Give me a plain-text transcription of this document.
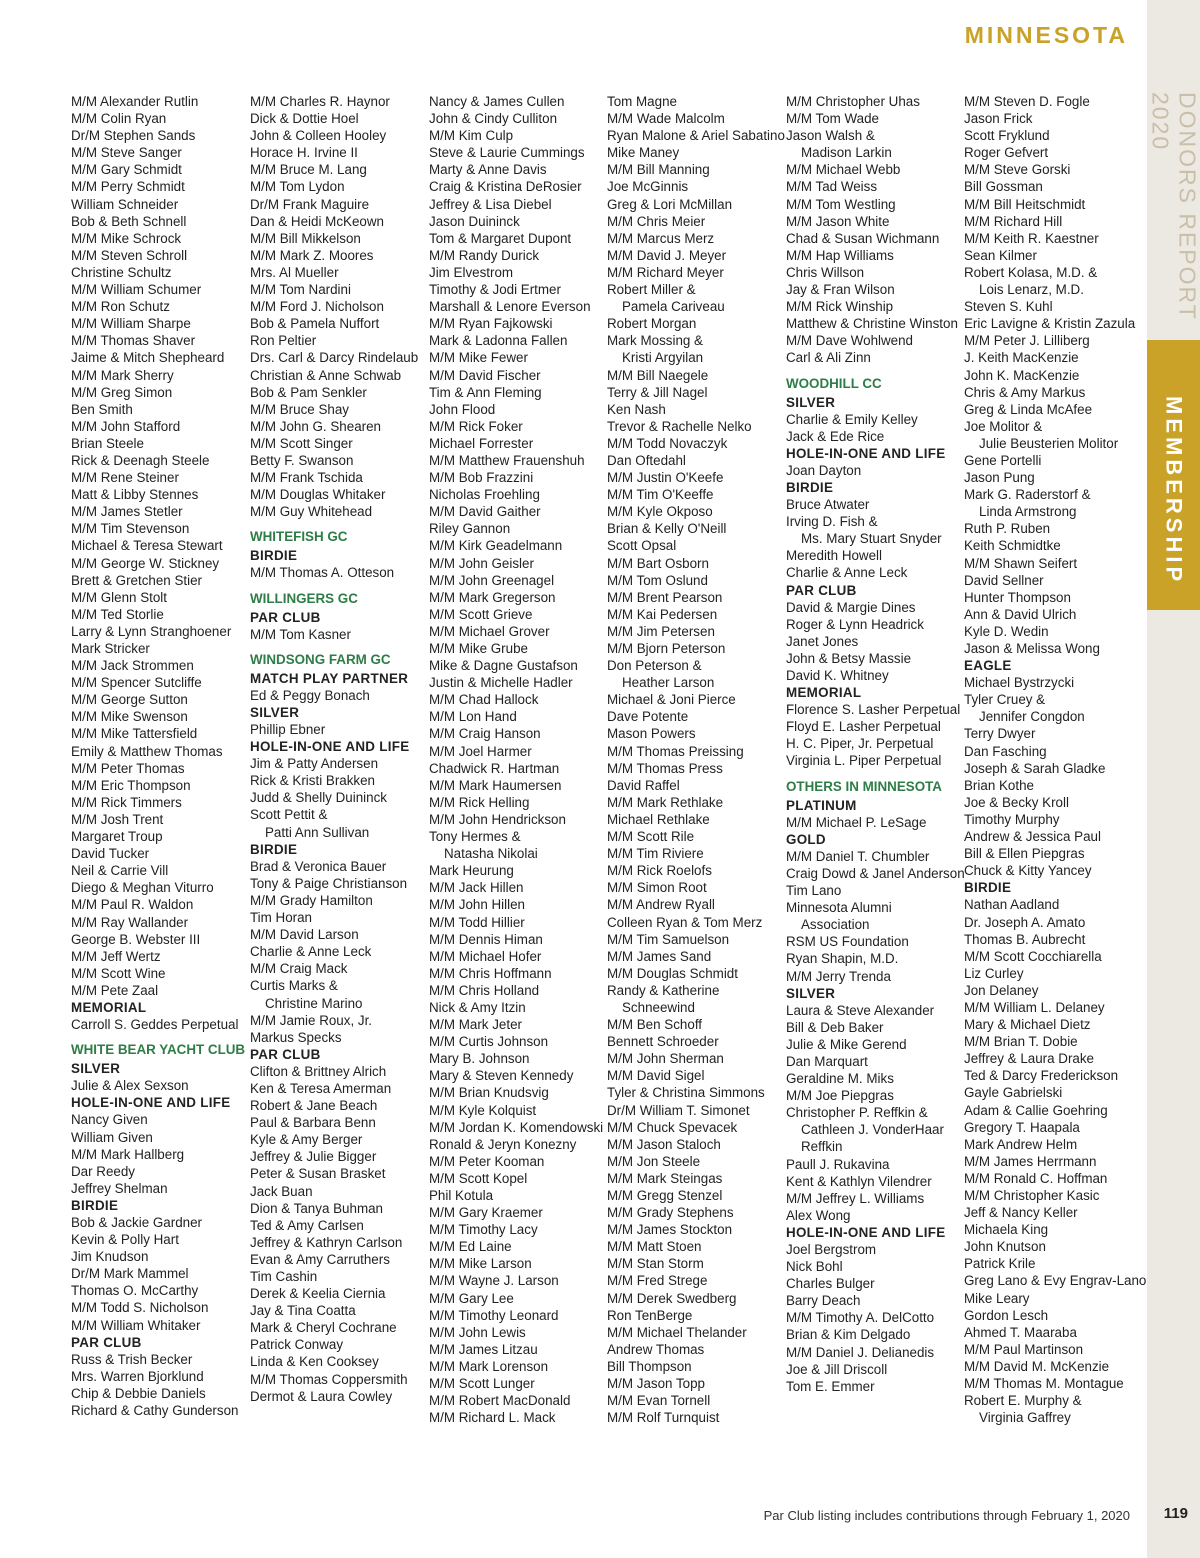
DONORS REPORT 2020
MEMBERSHIP
MINNESOTA
M/M Alexander Rutlin
M/M Colin Ryan
Dr/M Stephen Sands
M/M Steve Sanger
M/M Gary Schmidt
M/M Perry Schmidt
William Schneider
Bob & Beth Schnell
M/M Mike Schrock
M/M Steven Schroll
Christine Schultz
M/M William Schumer
M/M Ron Schutz
M/M William Sharpe
M/M Thomas Shaver
Jaime & Mitch Shepheard
M/M Mark Sherry
M/M Greg Simon
Ben Smith
M/M John Stafford
Brian Steele
Rick & Deenagh Steele
M/M Rene Steiner
Matt & Libby Stennes
M/M James Stetler
M/M Tim Stevenson
Michael & Teresa Stewart
M/M George W. Stickney
Brett & Gretchen Stier
M/M Glenn Stolt
M/M Ted Storlie
Larry & Lynn Stranghoener
Mark Stricker
M/M Jack Strommen
M/M Spencer Sutcliffe
M/M George Sutton
M/M Mike Swenson
M/M Mike Tattersfield
Emily & Matthew Thomas
M/M Peter Thomas
M/M Eric Thompson
M/M Rick Timmers
M/M Josh Trent
Margaret Troup
David Tucker
Neil & Carrie Vill
Diego & Meghan Viturro
M/M Paul R. Waldon
M/M Ray Wallander
George B. Webster III
M/M Jeff Wertz
M/M Scott Wine
M/M Pete Zaal
MEMORIAL
Carroll S. Geddes Perpetual
WHITE BEAR YACHT CLUB
SILVER
Julie & Alex Sexson
HOLE-IN-ONE AND LIFE
Nancy Given
William Given
M/M Mark Hallberg
Dar Reedy
Jeffrey Shelman
BIRDIE
Bob & Jackie Gardner
Kevin & Polly Hart
Jim Knudson
Dr/M Mark Mammel
Thomas O. McCarthy
M/M Todd S. Nicholson
M/M William Whitaker
PAR CLUB
Russ & Trish Becker
Mrs. Warren Bjorklund
Chip & Debbie Daniels
Richard & Cathy Gunderson
M/M Charles R. Haynor
Dick & Dottie Hoel
John & Colleen Hooley
Horace H. Irvine II
M/M Bruce M. Lang
M/M Tom Lydon
Dr/M Frank Maguire
Dan & Heidi McKeown
M/M Bill Mikkelson
M/M Mark Z. Moores
Mrs. Al Mueller
M/M Tom Nardini
M/M Ford J. Nicholson
Bob & Pamela Nuffort
Ron Peltier
Drs. Carl & Darcy Rindelaub
Christian & Anne Schwab
Bob & Pam Senkler
M/M Bruce Shay
M/M John G. Shearen
M/M Scott Singer
Betty F. Swanson
M/M Frank Tschida
M/M Douglas Whitaker
M/M Guy Whitehead
WHITEFISH GC
BIRDIE
M/M Thomas A. Otteson
WILLINGERS GC
PAR CLUB
M/M Tom Kasner
WINDSONG FARM GC
MATCH PLAY PARTNER
Ed & Peggy Bonach
SILVER
Phillip Ebner
HOLE-IN-ONE AND LIFE
Jim & Patty Andersen
Rick & Kristi Brakken
Judd & Shelly Duininck
Scott Pettit &
Patti Ann Sullivan
BIRDIE
Brad & Veronica Bauer
Tony & Paige Christianson
M/M Grady Hamilton
Tim Horan
M/M David Larson
Charlie & Anne Leck
M/M Craig Mack
Curtis Marks &
Christine Marino
M/M Jamie Roux, Jr.
Markus Specks
PAR CLUB
Clifton & Brittney Alrich
Ken & Teresa Amerman
Robert & Jane Beach
Paul & Barbara Benn
Kyle & Amy Berger
Jeffrey & Julie Bigger
Peter & Susan Brasket
Jack Buan
Dion & Tanya Buhman
Ted & Amy Carlsen
Jeffrey & Kathryn Carlson
Evan & Amy Carruthers
Tim Cashin
Derek & Keelia Ciernia
Jay & Tina Coatta
Mark & Cheryl Cochrane
Patrick Conway
Linda & Ken Cooksey
M/M Thomas Coppersmith
Dermot & Laura Cowley
Nancy & James Cullen
John & Cindy Culliton
M/M Kim Culp
Steve & Laurie Cummings
Marty & Anne Davis
Craig & Kristina DeRosier
Jeffrey & Lisa Diebel
Jason Duininck
Tom & Margaret Dupont
M/M Randy Durick
Jim Elvestrom
Timothy & Jodi Ertmer
Marshall & Lenore Everson
M/M Ryan Fajkowski
Mark & Ladonna Fallen
M/M Mike Fewer
M/M David Fischer
Tim & Ann Fleming
John Flood
M/M Rick Foker
Michael Forrester
M/M Matthew Frauenshuh
M/M Bob Frazzini
Nicholas Froehling
M/M David Gaither
Riley Gannon
M/M Kirk Geadelmann
M/M John Geisler
M/M John Greenagel
M/M Mark Gregerson
M/M Scott Grieve
M/M Michael Grover
M/M Mike Grube
Mike & Dagne Gustafson
Justin & Michelle Hadler
M/M Chad Hallock
M/M Lon Hand
M/M Craig Hanson
M/M Joel Harmer
Chadwick R. Hartman
M/M Mark Haumersen
M/M Rick Helling
M/M John Hendrickson
Tony Hermes &
Natasha Nikolai
Mark Heurung
M/M Jack Hillen
M/M John Hillen
M/M Todd Hillier
M/M Dennis Himan
M/M Michael Hofer
M/M Chris Hoffmann
M/M Chris Holland
Nick & Amy Itzin
M/M Mark Jeter
M/M Curtis Johnson
Mary B. Johnson
Mary & Steven Kennedy
M/M Brian Knudsvig
M/M Kyle Kolquist
M/M Jordan K. Komendowski
Ronald & Jeryn Konezny
M/M Peter Kooman
M/M Scott Kopel
Phil Kotula
M/M Gary Kraemer
M/M Timothy Lacy
M/M Ed Laine
M/M Mike Larson
M/M Wayne J. Larson
M/M Gary Lee
M/M Timothy Leonard
M/M John Lewis
M/M James Litzau
M/M Mark Lorenson
M/M Scott Lunger
M/M Robert MacDonald
M/M Richard L. Mack
Tom Magne
M/M Wade Malcolm
Ryan Malone & Ariel Sabatino
Mike Maney
M/M Bill Manning
Joe McGinnis
Greg & Lori McMillan
M/M Chris Meier
M/M Marcus Merz
M/M David J. Meyer
M/M Richard Meyer
Robert Miller &
Pamela Cariveau
Robert Morgan
Mark Mossing &
Kristi Argyilan
M/M Bill Naegele
Terry & Jill Nagel
Ken Nash
Trevor & Rachelle Nelko
M/M Todd Novaczyk
Dan Oftedahl
M/M Justin O'Keefe
M/M Tim O'Keeffe
M/M Kyle Okposo
Brian & Kelly O'Neill
Scott Opsal
M/M Bart Osborn
M/M Tom Oslund
M/M Brent Pearson
M/M Kai Pedersen
M/M Jim Petersen
M/M Bjorn Peterson
Don Peterson &
Heather Larson
Michael & Joni Pierce
Dave Potente
Mason Powers
M/M Thomas Preissing
M/M Thomas Press
David Raffel
M/M Mark Rethlake
Michael Rethlake
M/M Scott Rile
M/M Tim Riviere
M/M Rick Roelofs
M/M Simon Root
M/M Andrew Ryall
Colleen Ryan & Tom Merz
M/M Tim Samuelson
M/M James Sand
M/M Douglas Schmidt
Randy & Katherine
Schneewind
M/M Ben Schoff
Bennett Schroeder
M/M John Sherman
M/M David Sigel
Tyler & Christina Simmons
Dr/M William T. Simonet
M/M Chuck Spevacek
M/M Jason Staloch
M/M Jon Steele
M/M Mark Steingas
M/M Gregg Stenzel
M/M Grady Stephens
M/M James Stockton
M/M Matt Stoen
M/M Stan Storm
M/M Fred Strege
M/M Derek Swedberg
Ron TenBerge
M/M Michael Thelander
Andrew Thomas
Bill Thompson
M/M Jason Topp
M/M Evan Tornell
M/M Rolf Turnquist
M/M Christopher Uhas
M/M Tom Wade
Jason Walsh &
Madison Larkin
M/M Michael Webb
M/M Tad Weiss
M/M Tom Westling
M/M Jason White
Chad & Susan Wichmann
M/M Hap Williams
Chris Willson
Jay & Fran Wilson
M/M Rick Winship
Matthew & Christine Winston
M/M Dave Wohlwend
Carl & Ali Zinn
WOODHILL CC
SILVER
Charlie & Emily Kelley
Jack & Ede Rice
HOLE-IN-ONE AND LIFE
Joan Dayton
BIRDIE
Bruce Atwater
Irving D. Fish &
Ms. Mary Stuart Snyder
Meredith Howell
Charlie & Anne Leck
PAR CLUB
David & Margie Dines
Roger & Lynn Headrick
Janet Jones
John & Betsy Massie
David K. Whitney
MEMORIAL
Florence S. Lasher Perpetual
Floyd E. Lasher Perpetual
H. C. Piper, Jr. Perpetual
Virginia L. Piper Perpetual
OTHERS IN MINNESOTA
PLATINUM
M/M Michael P. LeSage
GOLD
M/M Daniel T. Chumbler
Craig Dowd & Janel Anderson
Tim Lano
Minnesota Alumni
Association
RSM US Foundation
Ryan Shapin, M.D.
M/M Jerry Trenda
SILVER
Laura & Steve Alexander
Bill & Deb Baker
Julie & Mike Gerend
Dan Marquart
Geraldine M. Miks
M/M Joe Piepgras
Christopher P. Reffkin &
Cathleen J. VonderHaar
Reffkin
Paull J. Rukavina
Kent & Kathlyn Vilendrer
M/M Jeffrey L. Williams
Alex Wong
HOLE-IN-ONE AND LIFE
Joel Bergstrom
Nick Bohl
Charles Bulger
Barry Deach
M/M Timothy A. DelCotto
Brian & Kim Delgado
M/M Daniel J. Delianedis
Joe & Jill Driscoll
Tom E. Emmer
M/M Steven D. Fogle
Jason Frick
Scott Fryklund
Roger Gefvert
M/M Steve Gorski
Bill Gossman
M/M Bill Heitschmidt
M/M Richard Hill
M/M Keith R. Kaestner
Sean Kilmer
Robert Kolasa, M.D. &
Lois Lenarz, M.D.
Steven S. Kuhl
Eric Lavigne & Kristin Zazula
M/M Peter J. Lilliberg
J. Keith MacKenzie
John K. MacKenzie
Chris & Amy Markus
Greg & Linda McAfee
Joe Molitor &
Julie Beusterien Molitor
Gene Portelli
Jason Pung
Mark G. Raderstorf &
Linda Armstrong
Ruth P. Ruben
Keith Schmidtke
M/M Shawn Seifert
David Sellner
Hunter Thompson
Ann & David Ulrich
Kyle D. Wedin
Jason & Melissa Wong
EAGLE
Michael Bystrzycki
Tyler Cruey &
Jennifer Congdon
Terry Dwyer
Dan Fasching
Joseph & Sarah Gladke
Brian Kothe
Joe & Becky Kroll
Timothy Murphy
Andrew & Jessica Paul
Bill & Ellen Piepgras
Chuck & Kitty Yancey
BIRDIE
Nathan Aadland
Dr. Joseph A. Amato
Thomas B. Aubrecht
M/M Scott Cocchiarella
Liz Curley
Jon Delaney
M/M William L. Delaney
Mary & Michael Dietz
M/M Brian T. Dobie
Jeffrey & Laura Drake
Ted & Darcy Frederickson
Gayle Gabrielski
Adam & Callie Goehring
Gregory T. Haapala
Mark Andrew Helm
M/M James Herrmann
M/M Ronald C. Hoffman
M/M Christopher Kasic
Jeff & Nancy Keller
Michaela King
John Knutson
Patrick Krile
Greg Lano & Evy Engrav-Lano
Mike Leary
Gordon Lesch
Ahmed T. Maaraba
M/M Paul Martinson
M/M David M. McKenzie
M/M Thomas M. Montague
Robert E. Murphy &
Virginia Gaffrey
Par Club listing includes contributions through February 1, 2020 119
